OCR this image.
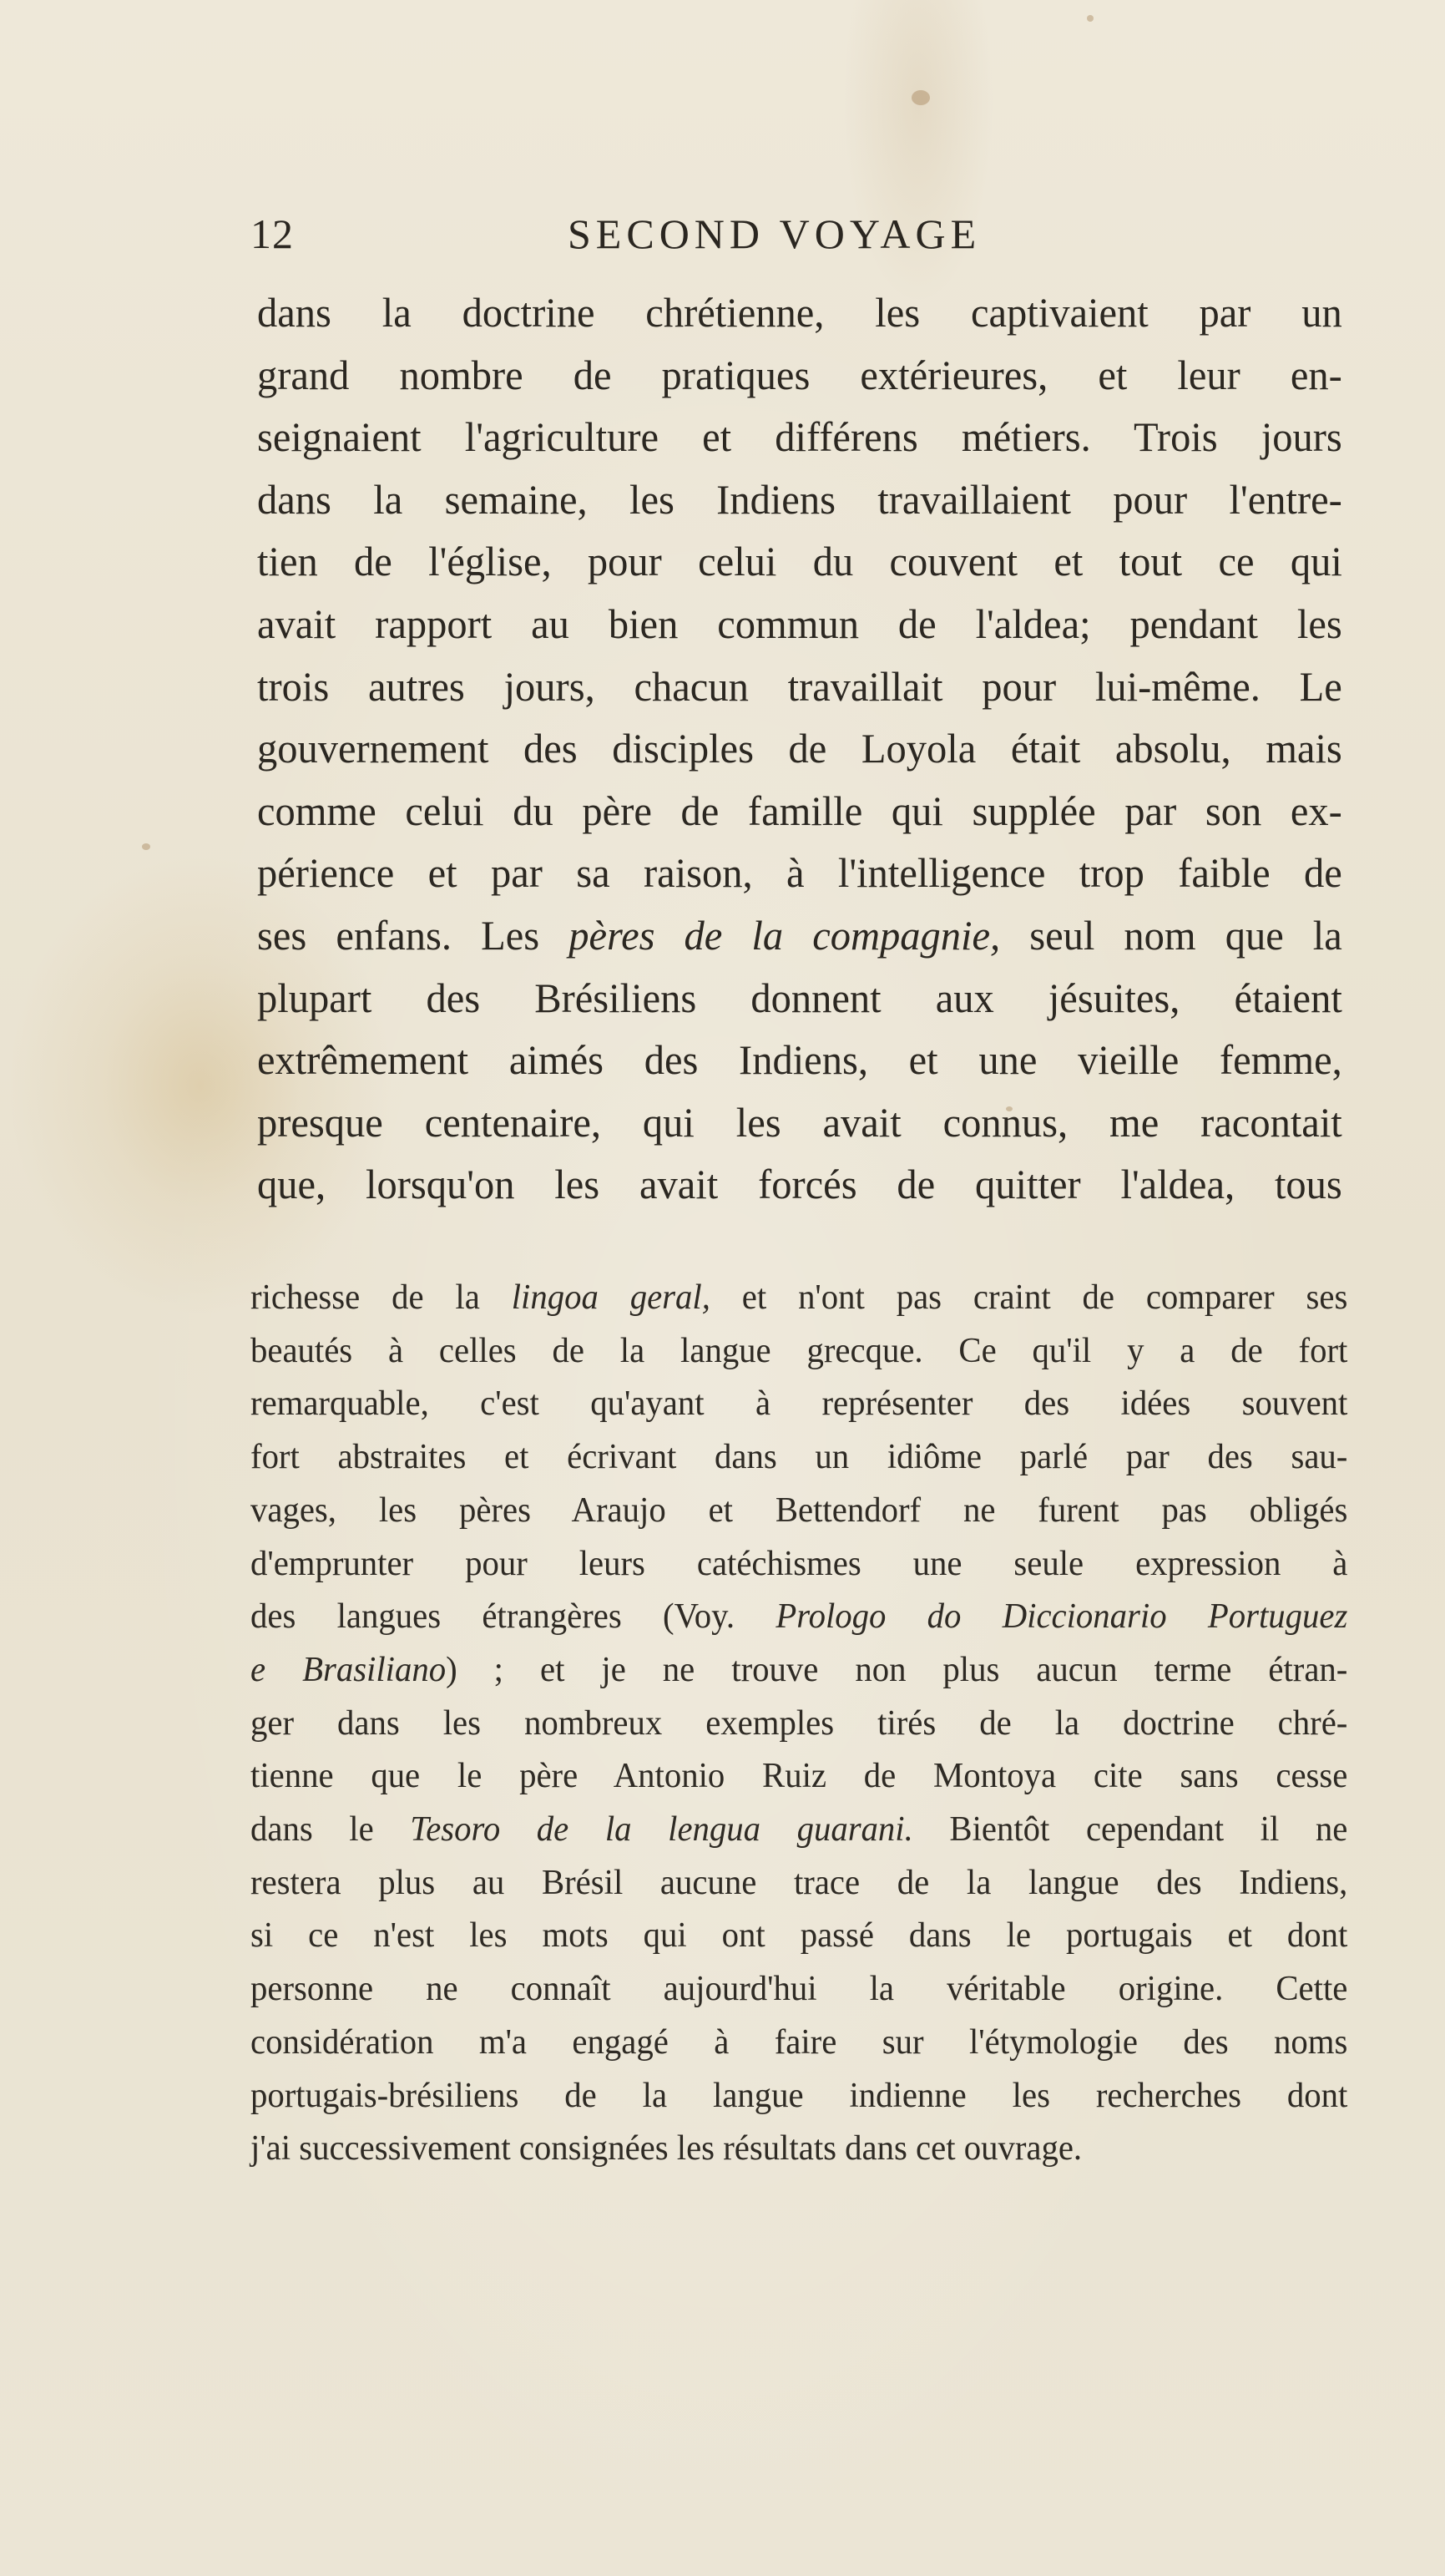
12	SECOND VOYAGE
dans la doctrine chrétienne, les captivaient par un
grand nombre de pratiques extérieures, et leur en-
seignaient l'agriculture et différens métiers. Trois jours
dans la semaine, les Indiens travaillaient pour l'entre-
tien de l'église, pour celui du couvent et tout ce qui
avait rapport au bien commun de l'aldea; pendant les
trois autres jours, chacun travaillait pour lui-même. Le
gouvernement des disciples de Loyola était absolu, mais
comme celui du père de famille qui supplée par son ex-
périence et par sa raison, à l'intelligence trop faible de
ses enfans. Les pères de la compagnie, seul nom que la
plupart des Brésiliens donnent aux jésuites, étaient
extrêmement aimés des Indiens, et une vieille femme,
presque centenaire, qui les avait connus, me racontait
que, lorsqu'on les avait forcés de quitter l'aldea, tous
richesse de la lingoa geral, et n'ont pas craint de comparer ses
beautés à celles de la langue grecque. Ce qu'il y a de fort
remarquable, c'est qu'ayant à représenter des idées souvent
fort abstraites et écrivant dans un idiôme parlé par des sau-
vages, les pères Araujo et Bettendorf ne furent pas obligés
d'emprunter pour leurs catéchismes une seule expression à
des langues étrangères (Voy. Prologo do Diccionario Portuguez
e Brasiliano) ; et je ne trouve non plus aucun terme étran-
ger dans les nombreux exemples tirés de la doctrine chré-
tienne que le père Antonio Ruiz de Montoya cite sans cesse
dans le Tesoro de la lengua guarani. Bientôt cependant il ne
restera plus au Brésil aucune trace de la langue des Indiens,
si ce n'est les mots qui ont passé dans le portugais et dont
personne ne connaît aujourd'hui la véritable origine. Cette
considération m'a engagé à faire sur l'étymologie des noms
portugais-brésiliens de la langue indienne les recherches dont
j'ai successivement consignées les résultats dans cet ouvrage.
